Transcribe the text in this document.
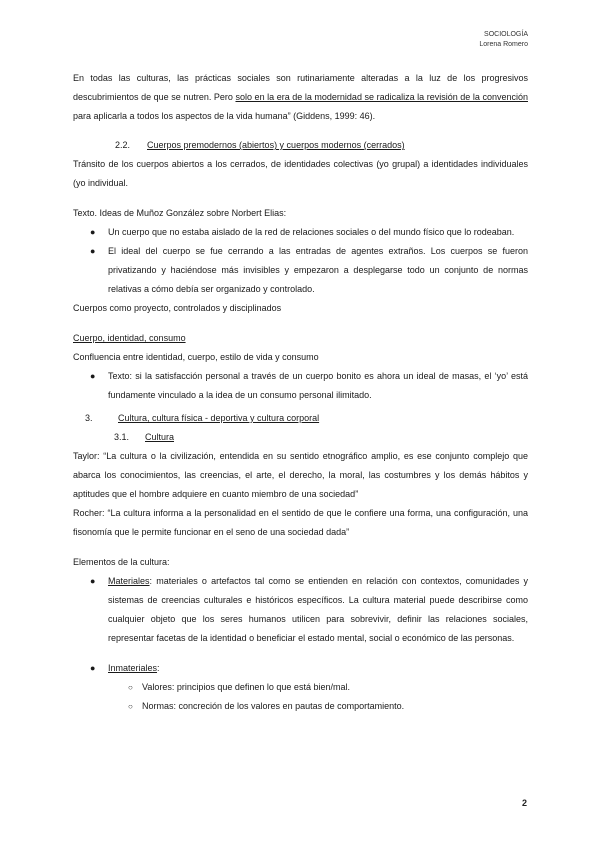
SOCIOLOGÍA
Lorena Romero

En todas las culturas, las prácticas sociales son rutinariamente alteradas a la luz de los progresivos descubrimientos de que se nutren. Pero solo en la era de la modernidad se radicaliza la revisión de la convención para aplicarla a todos los aspectos de la vida humana” (Giddens, 1999: 46).

2.2. Cuerpos premodernos (abiertos) y cuerpos modernos (cerrados)

Tránsito de los cuerpos abiertos a los cerrados, de identidades colectivas (yo grupal) a identidades individuales (yo individual.

Texto. Ideas de Muñoz González sobre Norbert Elias:

● Un cuerpo que no estaba aislado de la red de relaciones sociales o del mundo físico que lo rodeaban.
● El ideal del cuerpo se fue cerrando a las entradas de agentes extraños. Los cuerpos se fueron privatizando y haciéndose más invisibles y empezaron a desplegarse todo un conjunto de normas relativas a cómo debía ser organizado y controlado.

Cuerpos como proyecto, controlados y disciplinados

Cuerpo, identidad, consumo

Confluencia entre identidad, cuerpo, estilo de vida y consumo

● Texto: si la satisfacción personal a través de un cuerpo bonito es ahora un ideal de masas, el ‘yo’ está fundamente vinculado a la idea de un consumo personal ilimitado.
3.	Cultura, cultura física - deportiva y cultura corporal
3.1. Cultura

Taylor: “La cultura o la civilización, entendida en su sentido etnográfico amplio, es ese conjunto complejo que abarca los conocimientos, las creencias, el arte, el derecho, la moral, las costumbres y los demás hábitos y aptitudes que el hombre adquiere en cuanto miembro de una sociedad”

Rocher: “La cultura informa a la personalidad en el sentido de que le confiere una forma, una configuración, una fisonomía que le permite funcionar en el seno de una sociedad dada”

Elementos de la cultura:

● Materiales: materiales o artefactos tal como se entienden en relación con contextos, comunidades y sistemas de creencias culturales e históricos específicos. La cultura material puede describirse como cualquier objeto que los seres humanos utilicen para sobrevivir, definir las relaciones sociales, representar facetas de la identidad o beneficiar el estado mental, social o económico de las personas.
● Inmateriales:
○ Valores: principios que definen lo que está bien/mal.
○ Normas: concreción de los valores en pautas de comportamiento.
2
